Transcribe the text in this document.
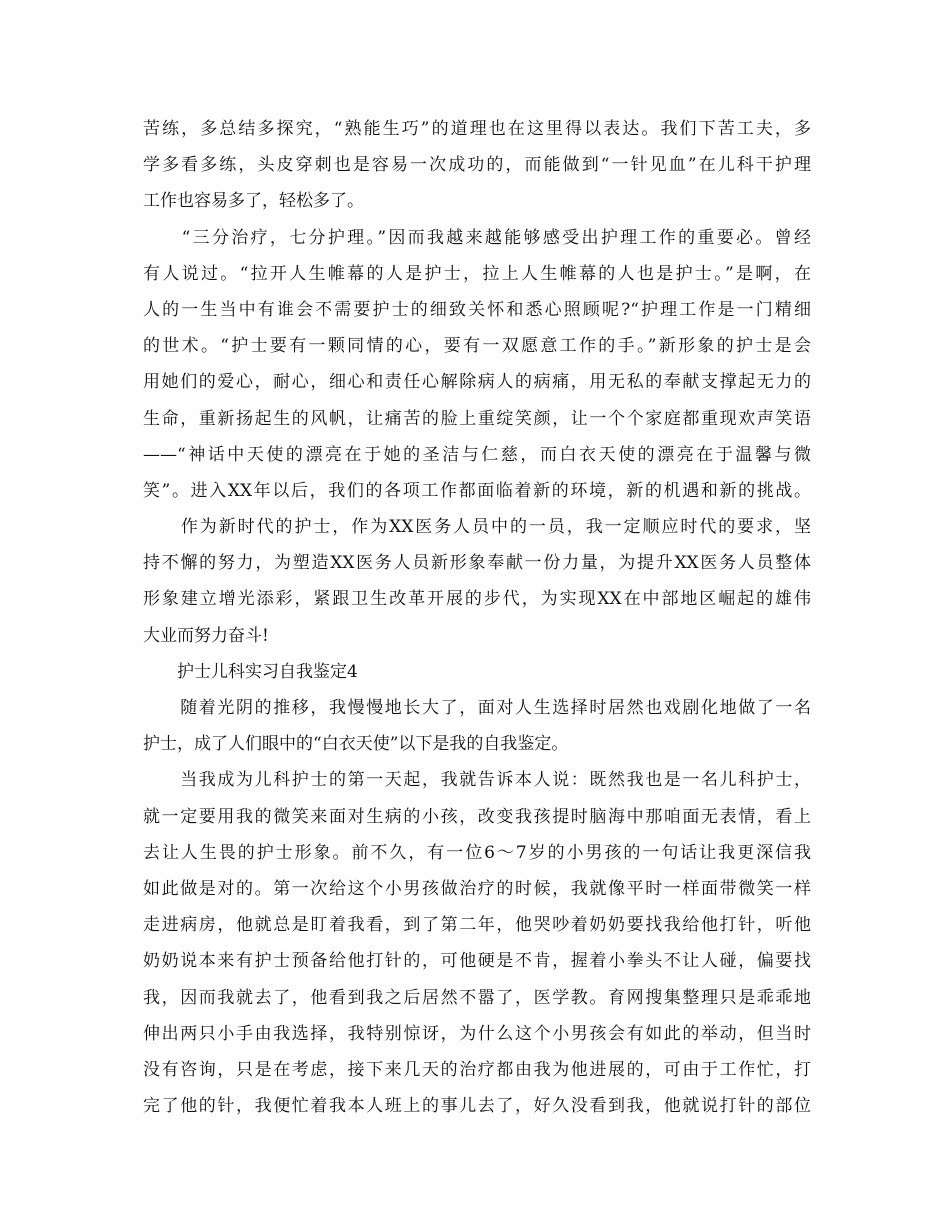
苦练，多总结多探究，“熟能生巧”的道理也在这里得以表达。我们下苦工夫，多
学多看多练，头皮穿刺也是容易一次成功的，而能做到“一针见血”在儿科干护理
工作也容易多了，轻松多了。
　　“三分治疗，七分护理。”因而我越来越能够感受出护理工作的重要必。曾经
有人说过。“拉开人生帷幕的人是护士，拉上人生帷幕的人也是护士。”是啊，在
人的一生当中有谁会不需要护士的细致关怀和悉心照顾呢?“护理工作是一门精细
的世术。“护士要有一颗同情的心，要有一双愿意工作的手。”新形象的护士是会
用她们的爱心，耐心，细心和责任心解除病人的病痛，用无私的奉献支撑起无力的
生命，重新扬起生的风帆，让痛苦的脸上重绽笑颜，让一个个家庭都重现欢声笑语
——“神话中天使的漂亮在于她的圣洁与仁慈，而白衣天使的漂亮在于温馨与微
笑”。进入XX年以后，我们的各项工作都面临着新的环境，新的机遇和新的挑战。
　　作为新时代的护士，作为XX医务人员中的一员，我一定顺应时代的要求，坚
持不懈的努力，为塑造XX医务人员新形象奉献一份力量，为提升XX医务人员整体
形象建立增光添彩，紧跟卫生改革开展的步代，为实现XX在中部地区崛起的雄伟
大业而努力奋斗!
　　护士儿科实习自我鉴定4
　　随着光阴的推移，我慢慢地长大了，面对人生选择时居然也戏剧化地做了一名
护士，成了人们眼中的“白衣天使”以下是我的自我鉴定。
　　当我成为儿科护士的第一天起，我就告诉本人说：既然我也是一名儿科护士，
就一定要用我的微笑来面对生病的小孩，改变我孩提时脑海中那咱面无表情，看上
去让人生畏的护士形象。前不久，有一位6～7岁的小男孩的一句话让我更深信我
如此做是对的。第一次给这个小男孩做治疗的时候，我就像平时一样面带微笑一样
走进病房，他就总是盯着我看，到了第二年，他哭吵着奶奶要找我给他打针，听他
奶奶说本来有护士预备给他打针的，可他硬是不肯，握着小拳头不让人碰，偏要找
我，因而我就去了，他看到我之后居然不嚣了，医学教。育网搜集整理只是乖乖地
伸出两只小手由我选择，我特别惊讶，为什么这个小男孩会有如此的举动，但当时
没有咨询，只是在考虑，接下来几天的治疗都由我为他进展的，可由于工作忙，打
完了他的针，我便忙着我本人班上的事儿去了，好久没看到我，他就说打针的部位
